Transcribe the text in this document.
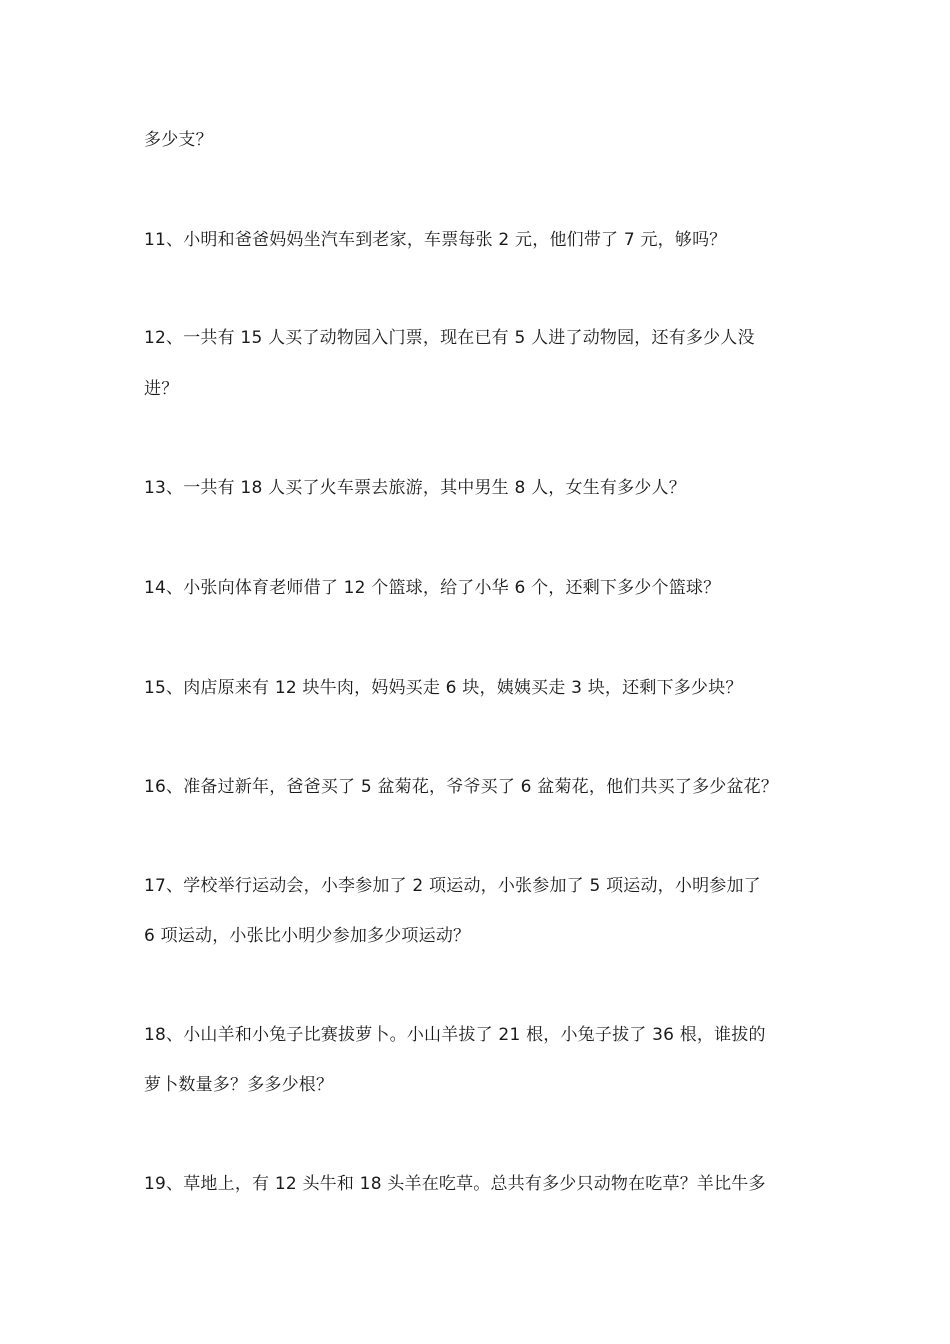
多少支？
11、小明和爸爸妈妈坐汽车到老家，车票每张 2 元，他们带了 7 元，够吗？
12、一共有 15 人买了动物园入门票，现在已有 5 人进了动物园，还有多少人没
进？
13、一共有 18 人买了火车票去旅游，其中男生 8 人，女生有多少人？
14、小张向体育老师借了 12 个篮球，给了小华 6 个，还剩下多少个篮球？
15、肉店原来有 12 块牛肉，妈妈买走 6 块，姨姨买走 3 块，还剩下多少块？
16、准备过新年，爸爸买了 5 盆菊花，爷爷买了 6 盆菊花，他们共买了多少盆花？
17、学校举行运动会，小李参加了 2 项运动，小张参加了 5 项运动，小明参加了
6 项运动，小张比小明少参加多少项运动？
18、小山羊和小兔子比赛拔萝卜。小山羊拔了 21 根，小兔子拔了 36 根，谁拔的
萝卜数量多？多多少根？
19、草地上，有 12 头牛和 18 头羊在吃草。总共有多少只动物在吃草？羊比牛多
